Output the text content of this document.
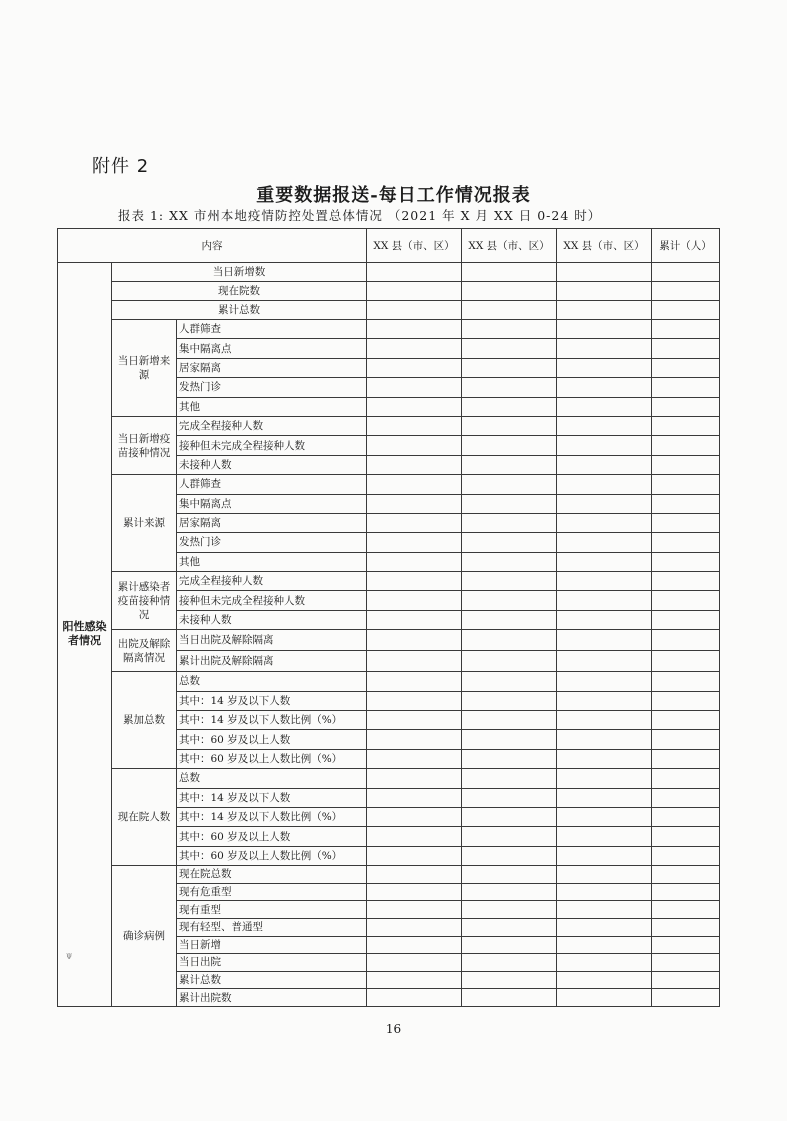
附件 2
重要数据报送-每日工作情况报表
报表 1: XX 市州本地疫情防控处置总体情况 （2021 年 X 月 XX 日 0-24 时）
内容			XX 县（市、区）	XX 县（市、区）	XX 县（市、区）	累计（人）
阳性感染者情况	当日新增数					
	现在院数					
	累计总数					
	当日新增来源	人群筛查				
		集中隔离点				
		居家隔离				
		发热门诊				
		其他				
	当日新增疫苗接种情况	完成全程接种人数				
		接种但未完成全程接种人数				
		未接种人数				
	累计来源	人群筛查				
		集中隔离点				
		居家隔离				
		发热门诊				
		其他				
	累计感染者疫苗接种情况	完成全程接种人数				
		接种但未完成全程接种人数				
		未接种人数				
	出院及解除隔离情况	当日出院及解除隔离				
		累计出院及解除隔离				
	累加总数	总数				
		其中：14 岁及以下人数				
		其中：14 岁及以下人数比例（%）				
		其中：60 岁及以上人数				
		其中：60 岁及以上人数比例（%）				
	现在院人数	总数				
		其中：14 岁及以下人数				
		其中：14 岁及以下人数比例（%）				
		其中：60 岁及以上人数				
		其中：60 岁及以上人数比例（%）				
	确诊病例	现在院总数				
		现有危重型				
		现有重型				
		现有轻型、普通型				
		当日新增				
		当日出院				
		累计总数				
		累计出院数				
16
Ψ
